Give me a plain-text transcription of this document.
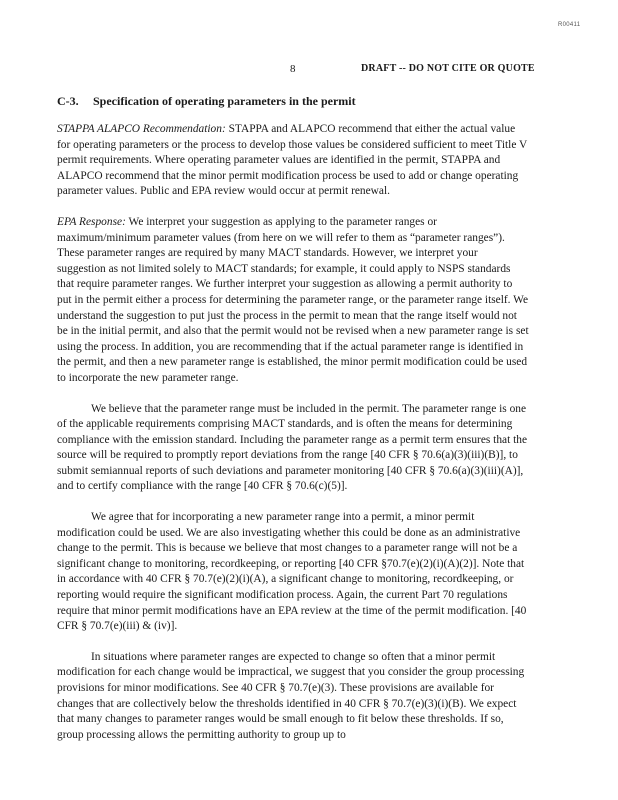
R00411
8	DRAFT -- DO NOT CITE OR QUOTE
C-3. Specification of operating parameters in the permit

STAPPA ALAPCO Recommendation: STAPPA and ALAPCO recommend that either the actual value for operating parameters or the process to develop those values be considered sufficient to meet Title V permit requirements. Where operating parameter values are identified in the permit, STAPPA and ALAPCO recommend that the minor permit modification process be used to add or change operating parameter values. Public and EPA review would occur at permit renewal.

EPA Response: We interpret your suggestion as applying to the parameter ranges or maximum/minimum parameter values (from here on we will refer to them as “parameter ranges”). These parameter ranges are required by many MACT standards. However, we interpret your suggestion as not limited solely to MACT standards; for example, it could apply to NSPS standards that require parameter ranges. We further interpret your suggestion as allowing a permit authority to put in the permit either a process for determining the parameter range, or the parameter range itself. We understand the suggestion to put just the process in the permit to mean that the range itself would not be in the initial permit, and also that the permit would not be revised when a new parameter range is set using the process. In addition, you are recommending that if the actual parameter range is identified in the permit, and then a new parameter range is established, the minor permit modification could be used to incorporate the new parameter range.

We believe that the parameter range must be included in the permit. The parameter range is one of the applicable requirements comprising MACT standards, and is often the means for determining compliance with the emission standard. Including the parameter range as a permit term ensures that the source will be required to promptly report deviations from the range [40 CFR § 70.6(a)(3)(iii)(B)], to submit semiannual reports of such deviations and parameter monitoring [40 CFR § 70.6(a)(3)(iii)(A)], and to certify compliance with the range [40 CFR § 70.6(c)(5)].

We agree that for incorporating a new parameter range into a permit, a minor permit modification could be used. We are also investigating whether this could be done as an administrative change to the permit. This is because we believe that most changes to a parameter range will not be a significant change to monitoring, recordkeeping, or reporting [40 CFR §70.7(e)(2)(i)(A)(2)]. Note that in accordance with 40 CFR § 70.7(e)(2)(i)(A), a significant change to monitoring, recordkeeping, or reporting would require the significant modification process. Again, the current Part 70 regulations require that minor permit modifications have an EPA review at the time of the permit modification. [40 CFR § 70.7(e)(iii) & (iv)].

In situations where parameter ranges are expected to change so often that a minor permit modification for each change would be impractical, we suggest that you consider the group processing provisions for minor modifications. See 40 CFR § 70.7(e)(3). These provisions are available for changes that are collectively below the thresholds identified in 40 CFR § 70.7(e)(3)(i)(B). We expect that many changes to parameter ranges would be small enough to fit below these thresholds. If so, group processing allows the permitting authority to group up to
